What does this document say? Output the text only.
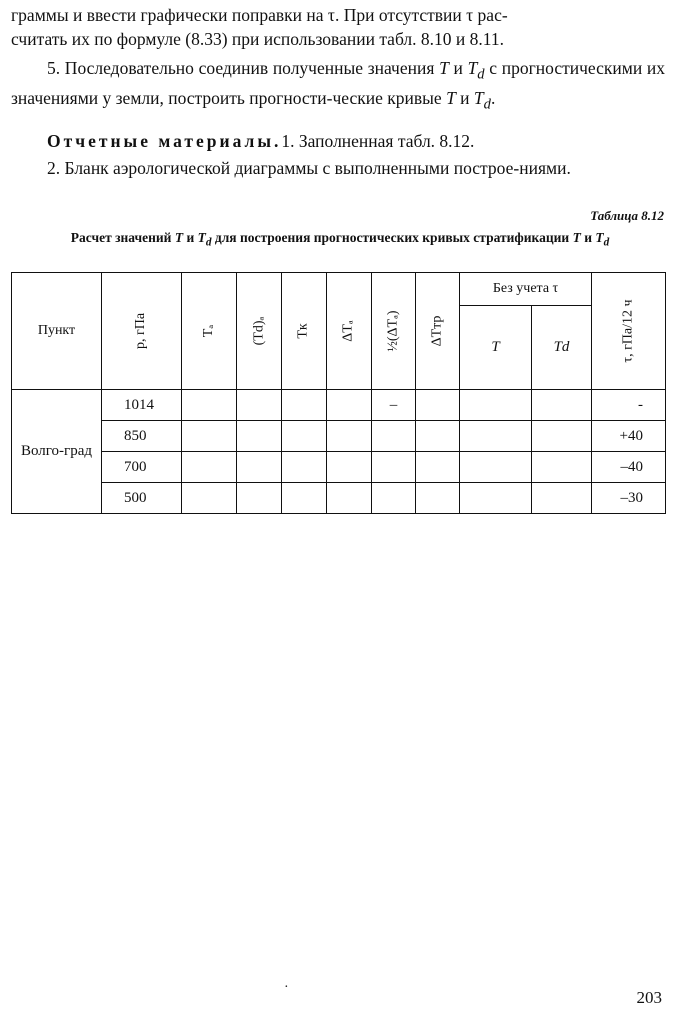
граммы и ввести графически поправки на τ. При отсутствии τ рас-
считать их по формуле (8.33) при использовании табл. 8.10 и 8.11.

5. Последовательно соединив полученные значения T и $T_d$ с прогностическими их значениями у земли, построить прогности-ческие кривые T и $T_d$.

Отчетные материалы.1. Заполненная табл. 8.12.

2. Бланк аэрологической диаграммы с выполненными построе-ниями.

Таблица 8.12
Расчет значений T и $T_d$ для построения прогностических кривых стратификации T и $T_d$
Пункт	p, гПа	Tₐ	(Td)ₐ	Tк	ΔTₐ	½(ΔTₐ)	ΔTтр	Без учета τ		τ, гПа/12 ч
								T	Td	
Волго-град	1014					–				-
	850									+40
	700									–40
	500									–30
·
203
